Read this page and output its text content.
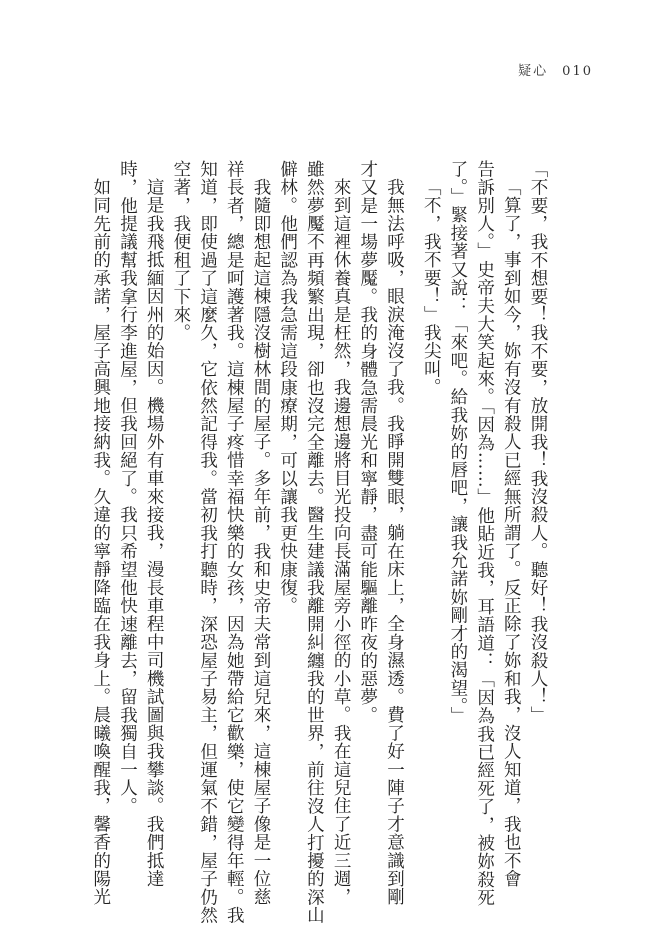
疑心 010
「不要，我不想要！我不要，放開我！我沒殺人。聽好！我沒殺人！」
「算了，事到如今，妳有沒有殺人已經無所謂了。反正除了妳和我，沒人知道，我也不會
告訴別人。」史帝夫大笑起來。「因為……」他貼近我，耳語道：「因為我已經死了，被妳殺死
了。」緊接著又說：「來吧。給我妳的唇吧，讓我允諾妳剛才的渴望。」
「不，我不要！」我尖叫。
我無法呼吸，眼淚淹沒了我。我睜開雙眼，躺在床上，全身濕透。費了好一陣子才意識到剛
才又是一場夢魘。我的身體急需晨光和寧靜，盡可能驅離昨夜的惡夢。
來到這裡休養真是枉然，我邊想邊將目光投向長滿屋旁小徑的小草。我在這兒住了近三週，
雖然夢魘不再頻繁出現，卻也沒完全離去。醫生建議我離開糾纏我的世界，前往沒人打擾的深山
僻林。他們認為我急需這段康療期，可以讓我更快康復。
我隨即想起這棟隱沒樹林間的屋子。多年前，我和史帝夫常到這兒來，這棟屋子像是一位慈
祥長者，總是呵護著我。這棟屋子疼惜幸福快樂的女孩，因為她帶給它歡樂，使它變得年輕。我
知道，即使過了這麼久，它依然記得我。當初我打聽時，深恐屋子易主，但運氣不錯，屋子仍然
空著，我便租了下來。
這是我飛抵緬因州的始因。機場外有車來接我，漫長車程中司機試圖與我攀談。我們抵達
時，他提議幫我拿行李進屋，但我回絕了。我只希望他快速離去，留我獨自一人。
如同先前的承諾，屋子高興地接納我。久違的寧靜降臨在我身上。晨曦喚醒我，馨香的陽光
